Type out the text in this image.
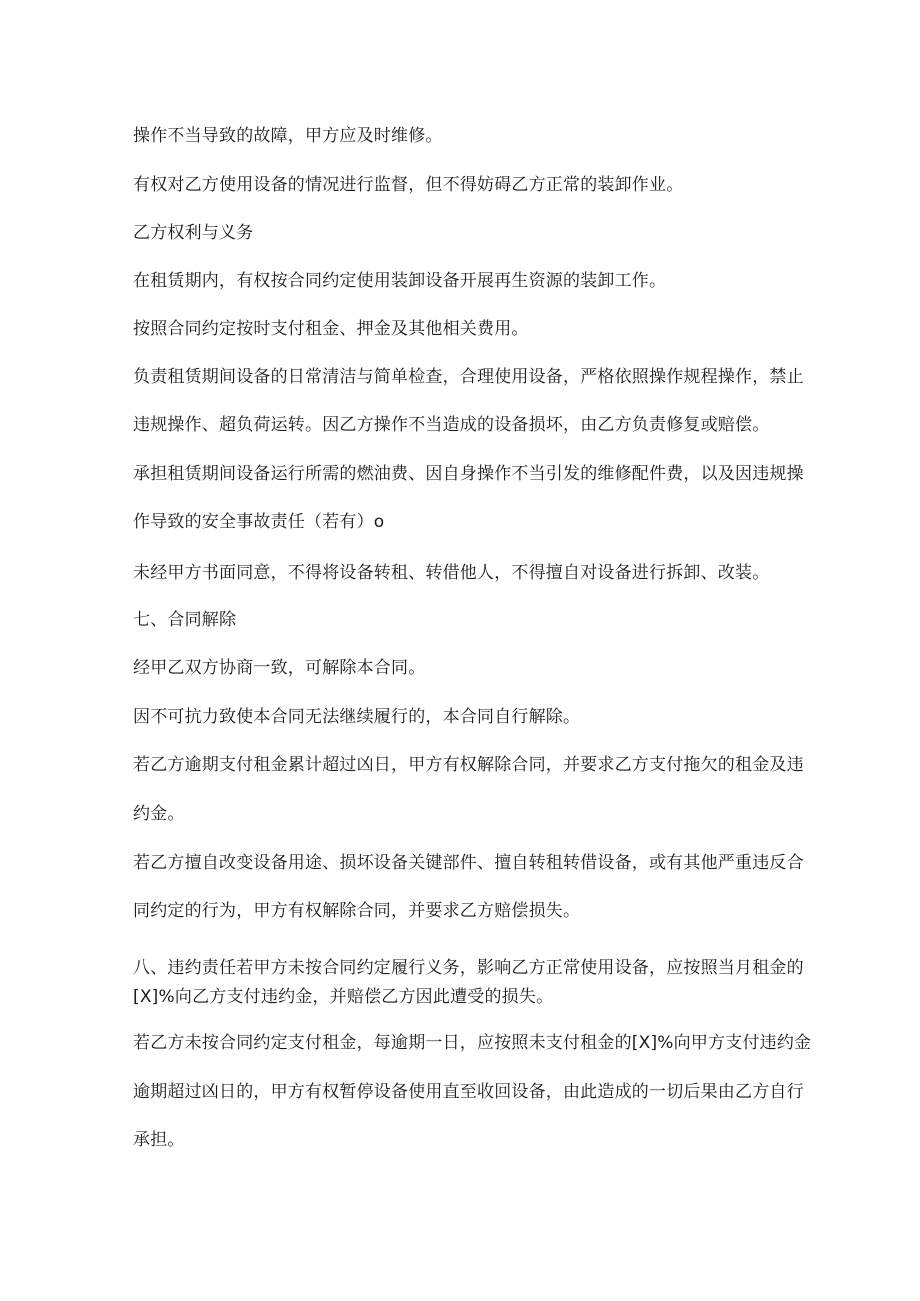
操作不当导致的故障，甲方应及时维修。
有权对乙方使用设备的情况进行监督，但不得妨碍乙方正常的装卸作业。
乙方权利与义务
在租赁期内，有权按合同约定使用装卸设备开展再生资源的装卸工作。
按照合同约定按时支付租金、押金及其他相关费用。
负责租赁期间设备的日常清洁与简单检查，合理使用设备，严格依照操作规程操作，禁止
违规操作、超负荷运转。因乙方操作不当造成的设备损坏，由乙方负责修复或赔偿。
承担租赁期间设备运行所需的燃油费、因自身操作不当引发的维修配件费，以及因违规操
作导致的安全事故责任（若有）o
未经甲方书面同意，不得将设备转租、转借他人，不得擅自对设备进行拆卸、改装。
七、合同解除
经甲乙双方协商一致，可解除本合同。
因不可抗力致使本合同无法继续履行的，本合同自行解除。
若乙方逾期支付租金累计超过凶日，甲方有权解除合同，并要求乙方支付拖欠的租金及违
约金。
若乙方擅自改变设备用途、损坏设备关键部件、擅自转租转借设备，或有其他严重违反合
同约定的行为，甲方有权解除合同，并要求乙方赔偿损失。
八、违约责任若甲方未按合同约定履行义务，影响乙方正常使用设备，应按照当月租金的
[X]%向乙方支付违约金，并赔偿乙方因此遭受的损失。
若乙方未按合同约定支付租金，每逾期一日，应按照未支付租金的[X]%向甲方支付违约金
逾期超过凶日的，甲方有权暂停设备使用直至收回设备，由此造成的一切后果由乙方自行
承担。
